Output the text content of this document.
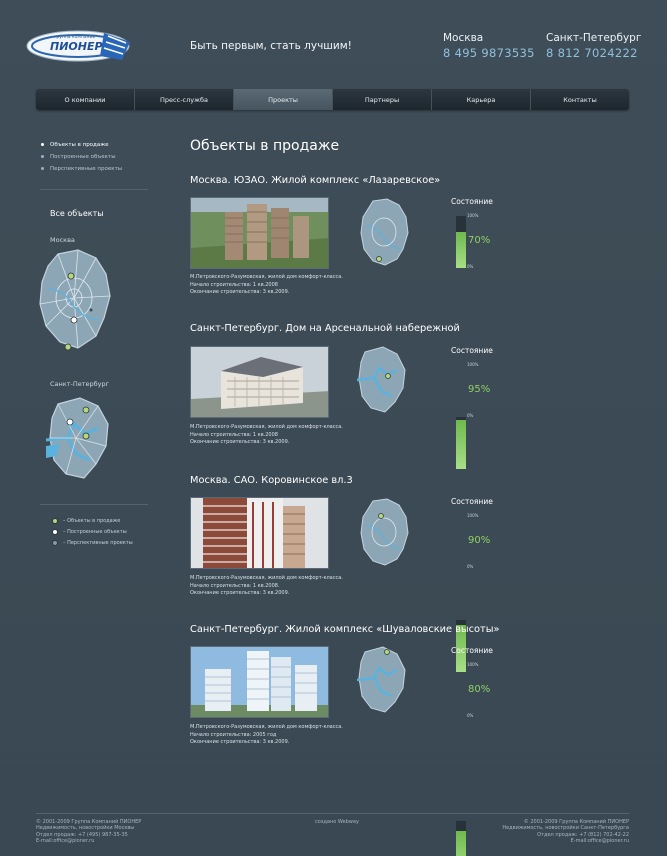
группа компаний
ПИОНЕР	Быть первым, стать лучшим!
Москва
8 495 9873535
Санкт-Петербург
8 812 7024222
О компании	Пресс-служба	Проекты	Партнеры	Карьера	Контакты
Объекты в продаже
Построенные объекты
Перспективные проекты
Все объекты
Москва
Санкт-Петербург
– Объекты в продаже
– Построенные объекты
– Перспективные проекты
Объекты в продаже
Москва. ЮЗАО. Жилой комплекс «Лазаревское»
Состояние
100%
0%
70%
М.Петровского-Разумовская, жилой дом комфорт-класса.
Начало строительства: 1 кв.2008
Окончание строительства: 3 кв.2009.
Санкт-Петербург. Дом на Арсенальной набережной
Состояние
100%
0%
95%
М.Петровского-Разумовская, жилой дом комфорт-класса.
Начало строительства: 1 кв.2008
Окончание строительства: 3 кв.2009.
Москва. САО. Коровинское вл.3
Состояние
100%
0%
90%
М.Петровского-Разумовская, жилой дом комфорт-класса.
Начало строительства: 1 кв.2008.
Окончание строительства: 3 кв.2009.
Санкт-Петербург. Жилой комплекс «Шуваловские высоты»
Состояние
100%
0%
80%
М.Петровского-Разумовская, жилой дом комфорт-класса.
Начало строительства: 2005 год
Окончание строительства: 3 кв.2009.
© 2001-2009 Группа Компаний ПИОНЕР
Недвижимость, новостройки Москвы
Отдел продаж: +7 (495) 987-35-35
E-mail:office@pioner.ru
создано Webway	© 2001-2009 Группа Компаний ПИОНЕР
Недвижимость, новостройки Санкт-Петербурга
Отдел продаж: +7 (812) 702-42-22
E-mail:office@pioner.ru
